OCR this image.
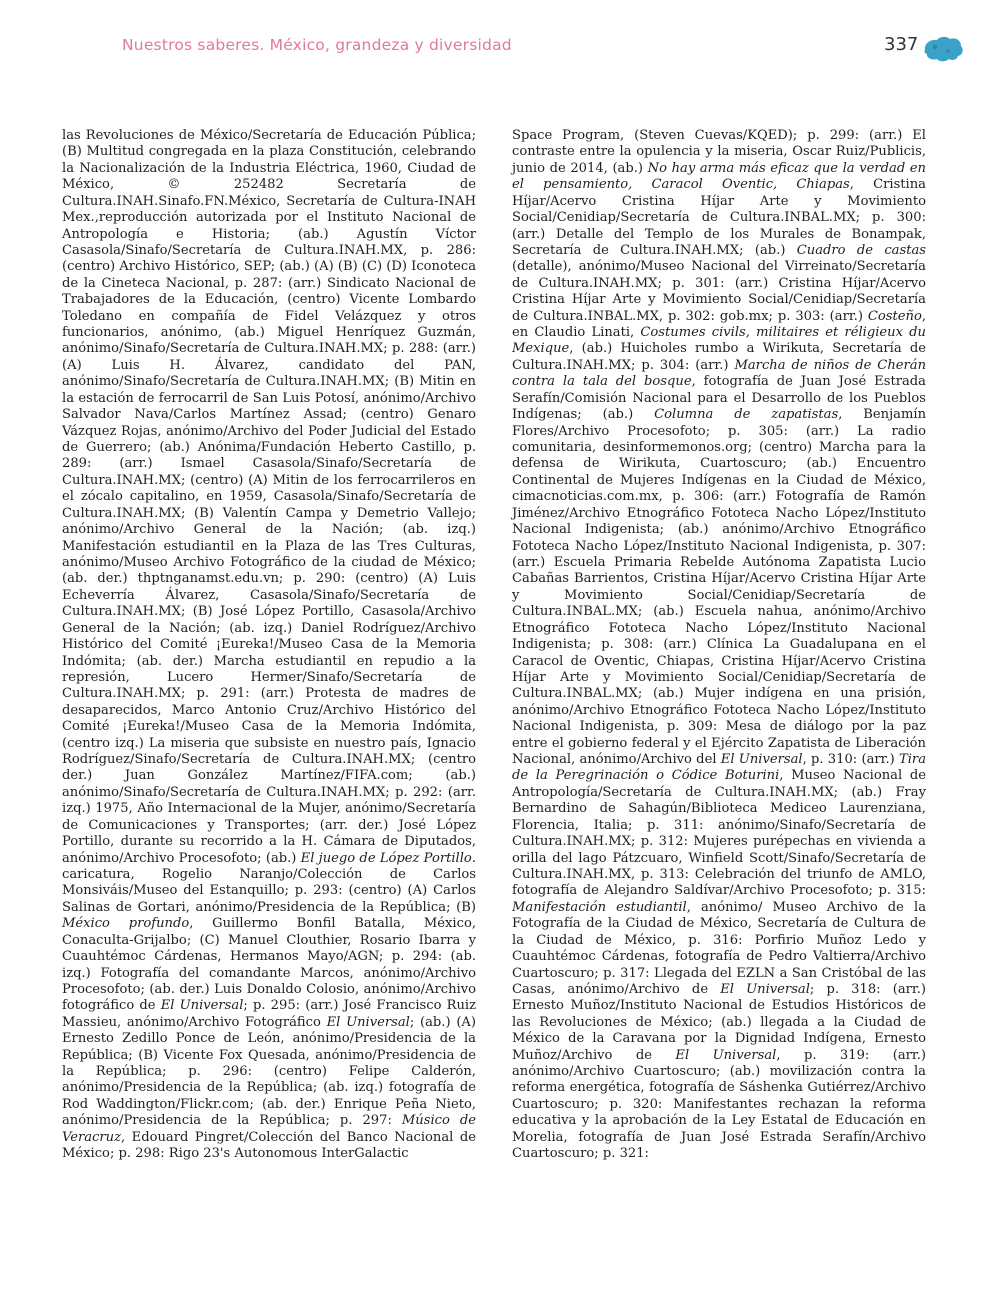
Nuestros saberes. México, grandeza y diversidad	337

las Revoluciones de México/Secretaría de Educación Pública; (B) Multitud congregada en la plaza Constitución, celebrando la Nacionalización de la Industria Eléctrica, 1960, Ciudad de México, © 252482 Secretaría de Cultura.INAH.Sinafo.FN.México, Secretaría de Cultura-INAH Mex.,reproducción autorizada por el Instituto Nacional de Antropología e Historia; (ab.) Agustín Víctor Casasola/Sinafo/Secretaría de Cultura.INAH.MX, p. 286: (centro) Archivo Histórico, SEP; (ab.) (A) (B) (C) (D) Iconoteca de la Cineteca Nacional, p. 287: (arr.) Sindicato Nacional de Trabajadores de la Educación, (centro) Vicente Lombardo Toledano en compañía de Fidel Velázquez y otros funcionarios, anónimo, (ab.) Miguel Henríquez Guzmán, anónimo/Sinafo/Secretaría de Cultura.INAH.MX; p. 288: (arr.) (A) Luis H. Álvarez, candidato del PAN, anónimo/Sinafo/Secretaría de Cultura.INAH.MX; (B) Mitin en la estación de ferrocarril de San Luis Potosí, anónimo/Archivo Salvador Nava/Carlos Martínez Assad; (centro) Genaro Vázquez Rojas, anónimo/Archivo del Poder Judicial del Estado de Guerrero; (ab.) Anónima/Fundación Heberto Castillo, p. 289: (arr.) Ismael Casasola/Sinafo/Secretaría de Cultura.INAH.MX; (centro) (A) Mitin de los ferrocarrileros en el zócalo capitalino, en 1959, Casasola/Sinafo/Secretaría de Cultura.INAH.MX; (B) Valentín Campa y Demetrio Vallejo; anónimo/Archivo General de la Nación; (ab. izq.) Manifestación estudiantil en la Plaza de las Tres Culturas, anónimo/Museo Archivo Fotográfico de la ciudad de México; (ab. der.) thptnganamst.edu.vn; p. 290: (centro) (A) Luis Echeverría Álvarez, Casasola/Sinafo/Secretaría de Cultura.INAH.MX; (B) José López Portillo, Casasola/Archivo General de la Nación; (ab. izq.) Daniel Rodríguez/Archivo Histórico del Comité ¡Eureka!/Museo Casa de la Memoria Indómita; (ab. der.) Marcha estudiantil en repudio a la represión, Lucero Hermer/Sinafo/Secretaría de Cultura.INAH.MX; p. 291: (arr.) Protesta de madres de desaparecidos, Marco Antonio Cruz/Archivo Histórico del Comité ¡Eureka!/Museo Casa de la Memoria Indómita, (centro izq.) La miseria que subsiste en nuestro país, Ignacio Rodríguez/Sinafo/Secretaría de Cultura.INAH.MX; (centro der.) Juan González Martínez/FIFA.com; (ab.) anónimo/Sinafo/Secretaría de Cultura.INAH.MX; p. 292: (arr. izq.) 1975, Año Internacional de la Mujer, anónimo/Secretaría de Comunicaciones y Transportes; (arr. der.) José López Portillo, durante su recorrido a la H. Cámara de Diputados, anónimo/Archivo Procesofoto; (ab.) El juego de López Portillo. caricatura, Rogelio Naranjo/Colección de Carlos Monsiváis/Museo del Estanquillo; p. 293: (centro) (A) Carlos Salinas de Gortari, anónimo/Presidencia de la República; (B) México profundo, Guillermo Bonfil Batalla, México, Conaculta-Grijalbo; (C) Manuel Clouthier, Rosario Ibarra y Cuauhtémoc Cárdenas, Hermanos Mayo/AGN; p. 294: (ab. izq.) Fotografía del comandante Marcos, anónimo/Archivo Procesofoto; (ab. der.) Luis Donaldo Colosio, anónimo/Archivo fotográfico de El Universal; p. 295: (arr.) José Francisco Ruiz Massieu, anónimo/Archivo Fotográfico El Universal; (ab.) (A) Ernesto Zedillo Ponce de León, anónimo/Presidencia de la República; (B) Vicente Fox Quesada, anónimo/Presidencia de la República; p. 296: (centro) Felipe Calderón, anónimo/Presidencia de la República; (ab. izq.) fotografía de Rod Waddington/Flickr.com; (ab. der.) Enrique Peña Nieto, anónimo/Presidencia de la República; p. 297: Músico de Veracruz, Edouard Pingret/Colección del Banco Nacional de México; p. 298: Rigo 23's Autonomous InterGalactic

Space Program, (Steven Cuevas/KQED); p. 299: (arr.) El contraste entre la opulencia y la miseria, Oscar Ruiz/Publicis, junio de 2014, (ab.) No hay arma más eficaz que la verdad en el pensamiento, Caracol Oventic, Chiapas, Cristina Híjar/Acervo Cristina Híjar Arte y Movimiento Social/Cenidiap/Secretaría de Cultura.INBAL.MX; p. 300: (arr.) Detalle del Templo de los Murales de Bonampak, Secretaría de Cultura.INAH.MX; (ab.) Cuadro de castas (detalle), anónimo/Museo Nacional del Virreinato/Secretaría de Cultura.INAH.MX; p. 301: (arr.) Cristina Híjar/Acervo Cristina Híjar Arte y Movimiento Social/Cenidiap/Secretaría de Cultura.INBAL.MX, p. 302: gob.mx; p. 303: (arr.) Costeño, en Claudio Linati, Costumes civils, militaires et réligieux du Mexique, (ab.) Huicholes rumbo a Wirikuta, Secretaría de Cultura.INAH.MX; p. 304: (arr.) Marcha de niños de Cherán contra la tala del bosque, fotografía de Juan José Estrada Serafín/Comisión Nacional para el Desarrollo de los Pueblos Indígenas; (ab.) Columna de zapatistas, Benjamín Flores/Archivo Procesofoto; p. 305: (arr.) La radio comunitaria, desinformemonos.org; (centro) Marcha para la defensa de Wirikuta, Cuartoscuro; (ab.) Encuentro Continental de Mujeres Indígenas en la Ciudad de México, cimacnoticias.com.mx, p. 306: (arr.) Fotografía de Ramón Jiménez/Archivo Etnográfico Fototeca Nacho López/Instituto Nacional Indigenista; (ab.) anónimo/Archivo Etnográfico Fototeca Nacho López/Instituto Nacional Indigenista, p. 307: (arr.) Escuela Primaria Rebelde Autónoma Zapatista Lucio Cabañas Barrientos, Cristina Híjar/Acervo Cristina Híjar Arte y Movimiento Social/Cenidiap/Secretaría de Cultura.INBAL.MX; (ab.) Escuela nahua, anónimo/Archivo Etnográfico Fototeca Nacho López/Instituto Nacional Indigenista; p. 308: (arr.) Clínica La Guadalupana en el Caracol de Oventic, Chiapas, Cristina Híjar/Acervo Cristina Híjar Arte y Movimiento Social/Cenidiap/Secretaría de Cultura.INBAL.MX; (ab.) Mujer indígena en una prisión, anónimo/Archivo Etnográfico Fototeca Nacho López/Instituto Nacional Indigenista, p. 309: Mesa de diálogo por la paz entre el gobierno federal y el Ejército Zapatista de Liberación Nacional, anónimo/Archivo del El Universal, p. 310: (arr.) Tira de la Peregrinación o Códice Boturini, Museo Nacional de Antropología/Secretaría de Cultura.INAH.MX; (ab.) Fray Bernardino de Sahagún/Biblioteca Mediceo Laurenziana, Florencia, Italia; p. 311: anónimo/Sinafo/Secretaría de Cultura.INAH.MX; p. 312: Mujeres purépechas en vivienda a orilla del lago Pátzcuaro, Winfield Scott/Sinafo/Secretaría de Cultura.INAH.MX, p. 313: Celebración del triunfo de AMLO, fotografía de Alejandro Saldívar/Archivo Procesofoto; p. 315: Manifestación estudiantil, anónimo/ Museo Archivo de la Fotografía de la Ciudad de México, Secretaría de Cultura de la Ciudad de México, p. 316: Porfirio Muñoz Ledo y Cuauhtémoc Cárdenas, fotografía de Pedro Valtierra/Archivo Cuartoscuro; p. 317: Llegada del EZLN a San Cristóbal de las Casas, anónimo/Archivo de El Universal; p. 318: (arr.) Ernesto Muñoz/Instituto Nacional de Estudios Históricos de las Revoluciones de México; (ab.) llegada a la Ciudad de México de la Caravana por la Dignidad Indígena, Ernesto Muñoz/Archivo de El Universal, p. 319: (arr.) anónimo/Archivo Cuartoscuro; (ab.) movilización contra la reforma energética, fotografía de Sáshenka Gutiérrez/Archivo Cuartoscuro; p. 320: Manifestantes rechazan la reforma educativa y la aprobación de la Ley Estatal de Educación en Morelia, fotografía de Juan José Estrada Serafín/Archivo Cuartoscuro; p. 321:
